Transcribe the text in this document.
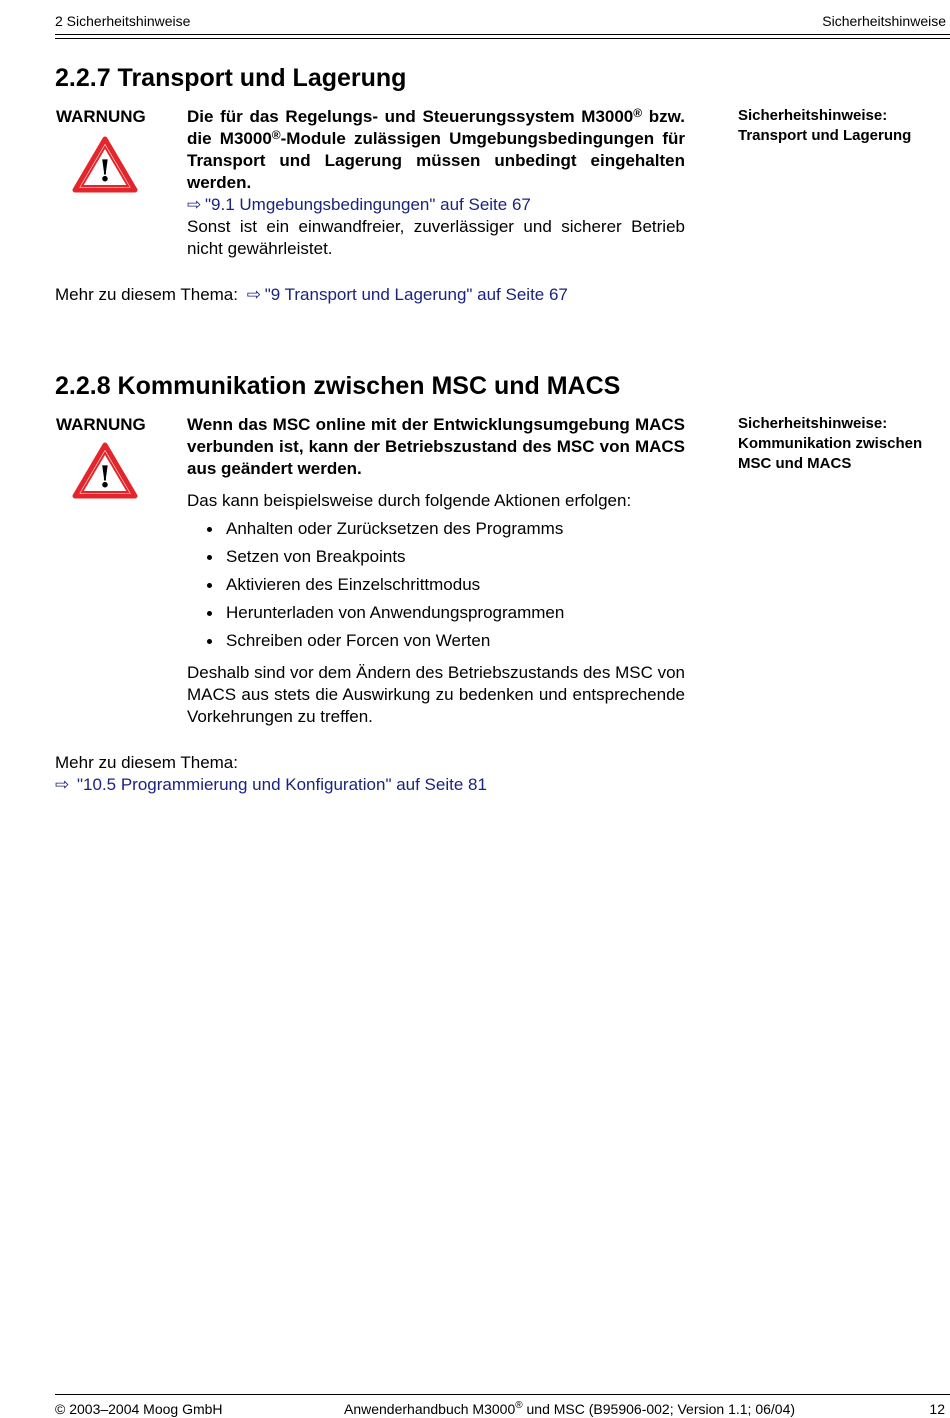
2 Sicherheitshinweise	Sicherheitshinweise
2.2.7 Transport und Lagerung
WARNUNG
!

Die für das Regelungs- und Steuerungssystem M3000® bzw. die M3000®-Module zulässigen Umgebungsbedingungen für Transport und Lagerung müssen unbedingt eingehalten werden.

⇨ "9.1 Umgebungsbedingungen" auf Seite 67

Sonst ist ein einwandfreier, zuverlässiger und sicherer Betrieb nicht gewährleistet.

Sicherheitshinweise:
Transport und Lagerung
Mehr zu diesem Thema: ⇨ "9 Transport und Lagerung" auf Seite 67
2.2.8 Kommunikation zwischen MSC und MACS
WARNUNG
!

Wenn das MSC online mit der Entwicklungsumgebung MACS verbunden ist, kann der Betriebszustand des MSC von MACS aus geändert werden.

Das kann beispielsweise durch folgende Aktionen erfolgen:

Anhalten oder Zurücksetzen des Programms
Setzen von Breakpoints
Aktivieren des Einzelschrittmodus
Herunterladen von Anwendungsprogrammen
Schreiben oder Forcen von Werten

Deshalb sind vor dem Ändern des Betriebszustands des MSC von MACS aus stets die Auswirkung zu bedenken und entsprechende Vorkehrungen zu treffen.

Sicherheitshinweise:
Kommunikation zwischen
MSC und MACS
Mehr zu diesem Thema:
⇨ "10.5 Programmierung und Konfiguration" auf Seite 81
© 2003–2004 Moog GmbH	Anwenderhandbuch M3000® und MSC (B95906-002; Version 1.1; 06/04)	12
